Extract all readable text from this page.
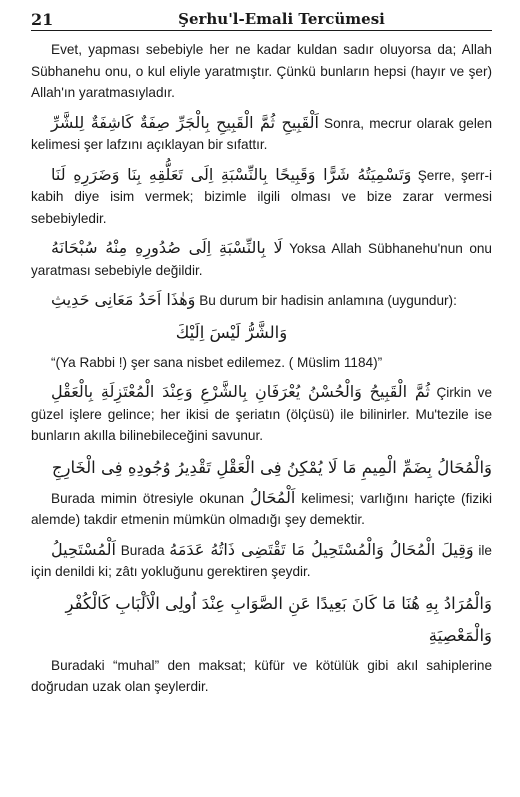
21	Şerhu'l-Emali Tercümesi

Evet, yapması sebebiyle her ne kadar kuldan sadır oluyorsa da; Allah Sübhanehu onu, o kul eliyle yaratmıştır. Çünkü bunların hepsi (hayır ve şer) Allah'ın yaratmasıyladır.

اَلْقَبِيحِ ثُمَّ الْقَبِيحِ بِالْجَرِّ صِفَةٌ كَاشِفَةٌ لِلشَّرِّ Sonra, mecrur olarak gelen kelimesi şer lafzını açıklayan bir sıfattır.

وَتَسْمِيَتُهُ شَرًّا وَقَبِيحًا بِالنِّسْبَةِ اِلَى تَعَلُّقِهِ بِنَا وَضَرَرِهِ لَنَا Şerre, şerr-i kabih diye isim vermek; bizimle ilgili olması ve bize zarar vermesi sebebiyledir.

لَا بِالنِّسْبَةِ اِلَى صُدُورِهِ مِنْهُ سُبْحَانَهُ Yoksa Allah Sübhanehu'nun onu yaratması sebebiyle değildir.

وَهٰذَا اَحَدُ مَعَانِى حَدِيثِ Bu durum bir hadisin anlamına (uygundur):

وَالشَّرُّ لَيْسَ اِلَيْكَ

“(Ya Rabbi !) şer sana nisbet edilemez. ( Müslim 1184)”

ثُمَّ الْقَبِيحُ وَالْحُسْنُ يُعْرَفَانِ بِالشَّرْعِ وَعِنْدَ الْمُعْتَزِلَةِ بِالْعَقْلِ Çirkin ve güzel işlere gelince; her ikisi de şeriatın (ölçüsü) ile bilinirler. Mu'tezile ise bunların akılla bilinebileceğini savunur.

وَالْمُحَالُ بِضَمِّ الْمِيمِ مَا لَا يُمْكِنُ فِى الْعَقْلِ تَقْدِيرُ وُجُودِهِ فِى الْخَارِجِ

Burada mimin ötresiyle okunan اَلْمُحَالُ kelimesi; varlığını hariçte (fiziki alemde) takdir etmenin mümkün olmadığı şey demektir.

اَلْمُسْتَحِيلُ Burada وَقِيلَ الْمُحَالُ وَالْمُسْتَحِيلُ مَا تَقْتَضِى ذَاتُهُ عَدَمَهُ ile için denildi ki; zâtı yokluğunu gerektiren şeydir.

وَالْمُرَادُ بِهِ هُنَا مَا كَانَ بَعِيدًا عَنِ الصَّوَابِ عِنْدَ اُولِى الْاَلْبَابِ كَالْكُفْرِ
وَالْمَعْصِيَةِ

Buradaki “muhal” den maksat; küfür ve kötülük gibi akıl sahiplerine doğrudan uzak olan şeylerdir.
